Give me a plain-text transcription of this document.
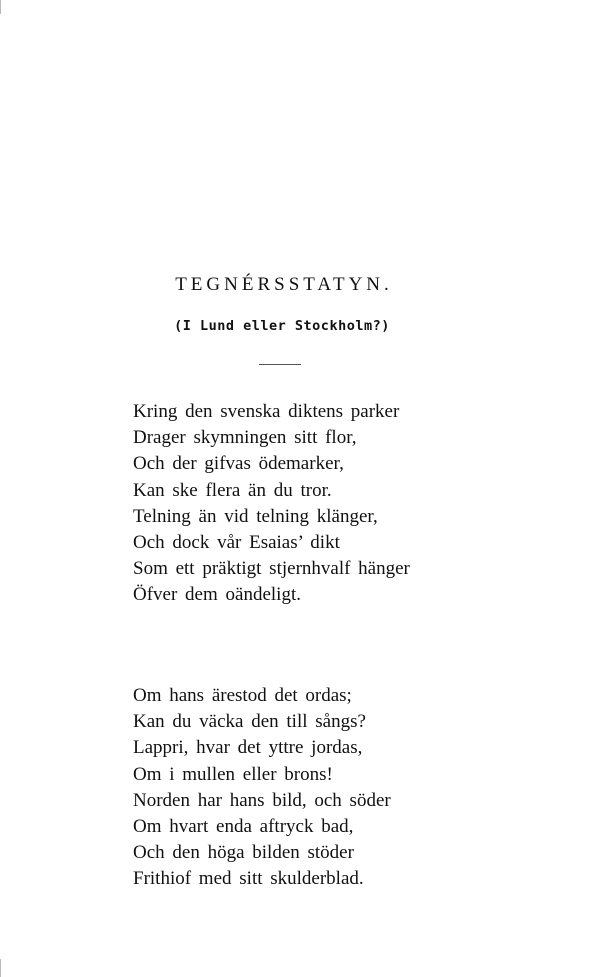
TEGNÉRSSTATYN.

(I Lund eller Stockholm?)

Kring den svenska diktens parker
Drager skymningen sitt flor,
Och der gifvas ödemarker,
Kan ske flera än du tror.
Telning än vid telning klänger,
Och dock vår Esaias’ dikt
Som ett präktigt stjernhvalf hänger
Öfver dem oändeligt.
Om hans ärestod det ordas;
Kan du väcka den till sångs?
Lappri, hvar det yttre jordas,
Om i mullen eller brons!
Norden har hans bild, och söder
Om hvart enda aftryck bad,
Och den höga bilden stöder
Frithiof med sitt skulderblad.
